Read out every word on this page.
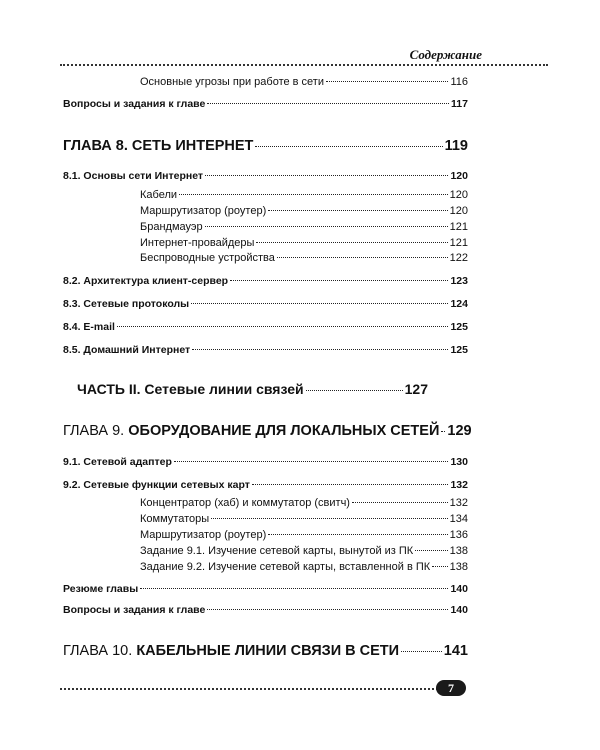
Содержание
Основные угрозы при работе в сети	116
Вопросы и задания к главе	117
ГЛАВА 8. СЕТЬ ИНТЕРНЕТ	119
8.1. Основы сети Интернет	120
Кабели	120
Маршрутизатор (роутер)	120
Брандмауэр	121
Интернет-провайдеры	121
Беспроводные устройства	122
8.2. Архитектура клиент-сервер	123
8.3. Сетевые протоколы	124
8.4. E-mail	125
8.5. Домашний Интернет	125
ЧАСТЬ II. Сетевые линии связей	127
ГЛАВА 9. ОБОРУДОВАНИЕ ДЛЯ ЛОКАЛЬНЫХ СЕТЕЙ 129
9.1. Сетевой адаптер	130
9.2. Сетевые функции сетевых карт	132
Концентратор (хаб) и коммутатор (свитч)	132
Коммутаторы	134
Маршрутизатор (роутер)	136
Задание 9.1. Изучение сетевой карты, вынутой из ПК	138
Задание 9.2. Изучение сетевой карты, вставленной в ПК 138
Резюме главы	140
Вопросы и задания к главе	140
ГЛАВА 10. КАБЕЛЬНЫЕ ЛИНИИ СВЯЗИ В СЕТИ	141
7
